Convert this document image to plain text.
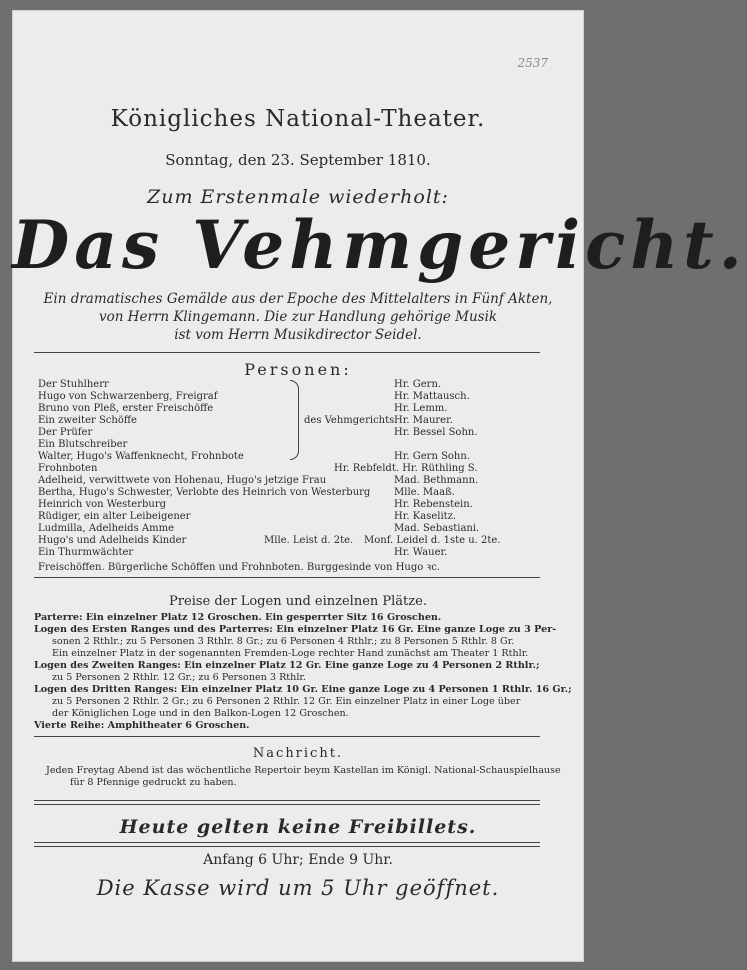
2537
Königliches National-Theater.
Sonntag, den 23. September 1810.
Zum Erstenmale wiederholt:
Das Vehmgericht.
Ein dramatisches Gemälde aus der Epoche des Mittelalters in Fünf Akten,
von Herrn Klingemann. Die zur Handlung gehörige Musik
ist vom Herrn Musikdirector Seidel.
Personen:
Der Stuhlherr
Hugo von Schwarzenberg, Freigraf
Bruno von Pleß, erster Freischöffe
Ein zweiter Schöffe
Der Prüfer
Ein Blutschreiber
Walter, Hugo's Waffenknecht, Frohnbote
Frohnboten
Adelheid, verwittwete von Hohenau, Hugo's jetzige Frau
Bertha, Hugo's Schwester, Verlobte des Heinrich von Westerburg
Heinrich von Westerburg
Rüdiger, ein alter Leibeigener
Ludmilla, Adelheids Amme
Hugo's und Adelheids Kinder
Ein Thurmwächter
des Vehmgerichts
Hr. Gern.
Hr. Mattausch.
Hr. Lemm.
Hr. Maurer.
Hr. Bessel Sohn.
Hr. Gern Sohn.
Hr. Rebfeldt. Hr. Rüthling S.
Mad. Bethmann.
Mlle. Maaß.
Hr. Rebenstein.
Hr. Kaselitz.
Mad. Sebastiani.
Mlle. Leist d. 2te. Monf. Leidel d. 1ste u. 2te.
Hr. Wauer.
Freischöffen. Bürgerliche Schöffen und Frohnboten. Burggesinde von Hugo ꝛc.
Preise der Logen und einzelnen Plätze.
Parterre: Ein einzelner Platz 12 Groschen. Ein gesperrter Sitz 16 Groschen.
Logen des Ersten Ranges und des Parterres: Ein einzelner Platz 16 Gr. Eine ganze Loge zu 3 Per-
sonen 2 Rthlr.; zu 5 Personen 3 Rthlr. 8 Gr.; zu 6 Personen 4 Rthlr.; zu 8 Personen 5 Rthlr. 8 Gr.
Ein einzelner Platz in der sogenannten Fremden-Loge rechter Hand zunächst am Theater 1 Rthlr.
Logen des Zweiten Ranges: Ein einzelner Platz 12 Gr. Eine ganze Loge zu 4 Personen 2 Rthlr.;
zu 5 Personen 2 Rthlr. 12 Gr.; zu 6 Personen 3 Rthlr.
Logen des Dritten Ranges: Ein einzelner Platz 10 Gr. Eine ganze Loge zu 4 Personen 1 Rthlr. 16 Gr.;
zu 5 Personen 2 Rthlr. 2 Gr.; zu 6 Personen 2 Rthlr. 12 Gr. Ein einzelner Platz in einer Loge über
der Königlichen Loge und in den Balkon-Logen 12 Groschen.
Vierte Reihe: Amphitheater 6 Groschen.
Nachricht.
Jeden Freytag Abend ist das wöchentliche Repertoir beym Kastellan im Königl. National-Schauspielhause
für 8 Pfennige gedruckt zu haben.
Heute gelten keine Freibillets.
Anfang 6 Uhr; Ende 9 Uhr.
Die Kasse wird um 5 Uhr geöffnet.
